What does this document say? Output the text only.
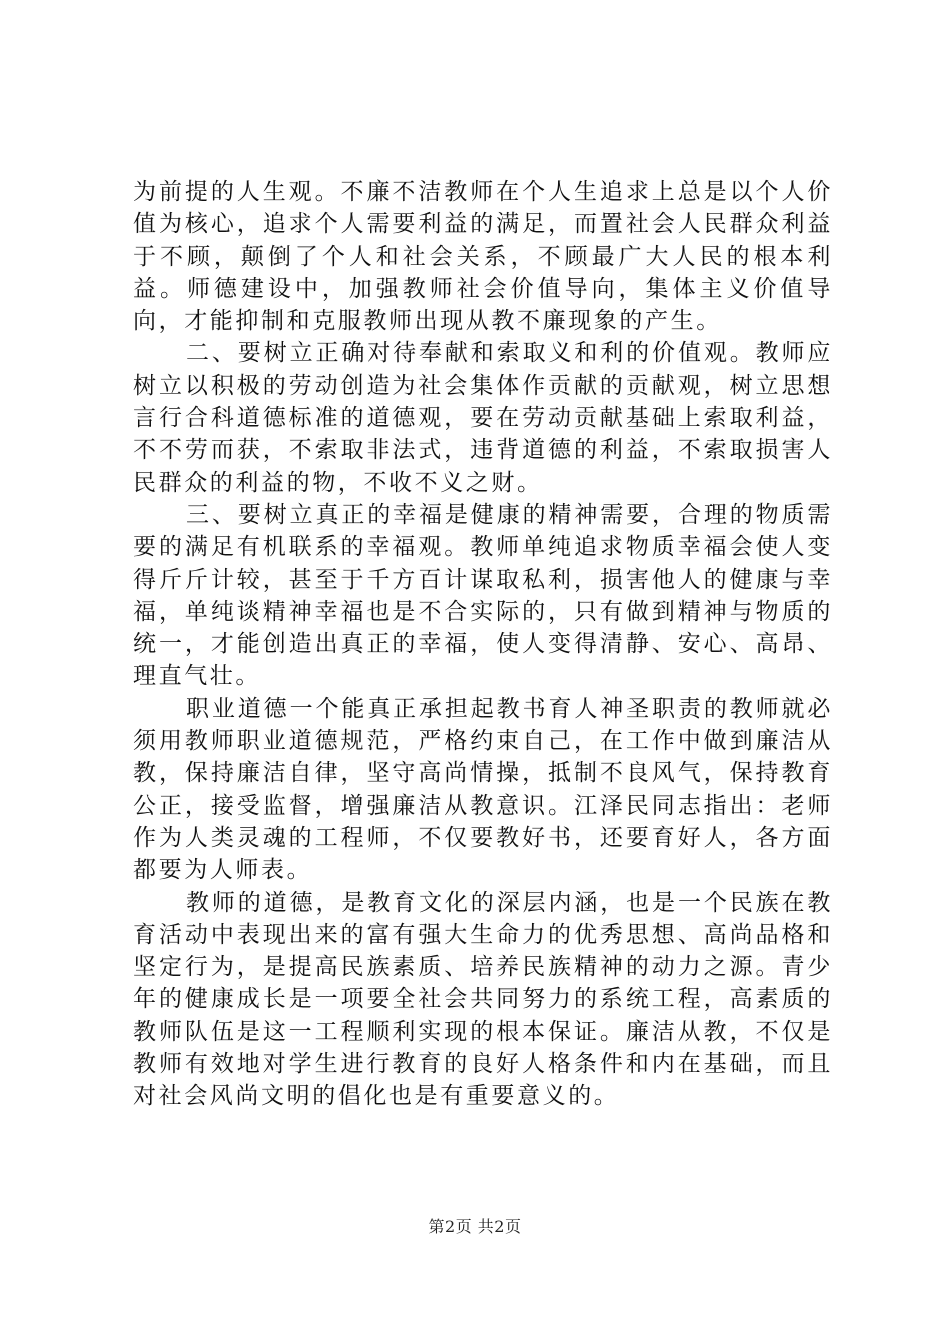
为前提的人生观。不廉不洁教师在个人生追求上总是以个人价值为核心，追求个人需要利益的满足，而置社会人民群众利益于不顾，颠倒了个人和社会关系，不顾最广大人民的根本利益。师德建设中，加强教师社会价值导向，集体主义价值导向，才能抑制和克服教师出现从教不廉现象的产生。

二、要树立正确对待奉献和索取义和利的价值观。教师应树立以积极的劳动创造为社会集体作贡献的贡献观，树立思想言行合科道德标准的道德观，要在劳动贡献基础上索取利益，不不劳而获，不索取非法式，违背道德的利益，不索取损害人民群众的利益的物，不收不义之财。

三、要树立真正的幸福是健康的精神需要，合理的物质需要的满足有机联系的幸福观。教师单纯追求物质幸福会使人变得斤斤计较，甚至于千方百计谋取私利，损害他人的健康与幸福，单纯谈精神幸福也是不合实际的，只有做到精神与物质的统一，才能创造出真正的幸福，使人变得清静、安心、高昂、理直气壮。

职业道德一个能真正承担起教书育人神圣职责的教师就必须用教师职业道德规范，严格约束自己，在工作中做到廉洁从教，保持廉洁自律，坚守高尚情操，抵制不良风气，保持教育公正，接受监督，增强廉洁从教意识。江泽民同志指出：老师作为人类灵魂的工程师，不仅要教好书，还要育好人，各方面都要为人师表。

教师的道德，是教育文化的深层内涵，也是一个民族在教育活动中表现出来的富有强大生命力的优秀思想、高尚品格和坚定行为，是提高民族素质、培养民族精神的动力之源。青少年的健康成长是一项要全社会共同努力的系统工程，高素质的教师队伍是这一工程顺利实现的根本保证。廉洁从教，不仅是教师有效地对学生进行教育的良好人格条件和内在基础，而且对社会风尚文明的倡化也是有重要意义的。

第2页 共2页
